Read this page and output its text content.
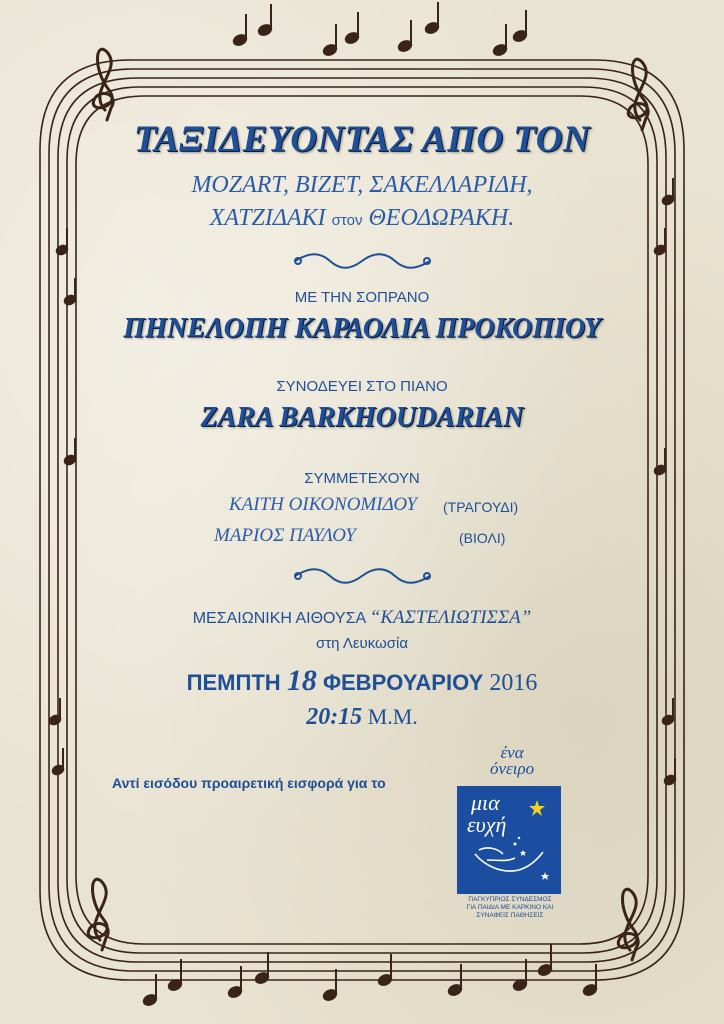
ΤΑΞΙΔΕΥΟΝΤΑΣ ΑΠΟ ΤΟΝ
MOZART, BIZET, ΣΑΚΕΛΛΑΡΙΔΗ,
ΧΑΤΖΙΔΑΚΙ στον ΘΕΟΔΩΡΑΚΗ.
ΜΕ ΤΗΝ ΣΟΠΡΑΝΟ
ΠΗΝΕΛΟΠΗ ΚΑΡΑΟΛΙΑ ΠΡΟΚΟΠΙΟΥ
ΣΥΝΟΔΕΥΕΙ ΣΤΟ ΠΙΑΝΟ
ZARA BARKHOUDARIAN
ΣΥΜΜΕΤΕΧΟΥΝ
ΚΑΙΤΗ ΟΙΚΟΝΟΜΙΔΟΥ (ΤΡΑΓΟΥΔΙ)
ΜΑΡΙΟΣ ΠΑΥΛΟΥ	(ΒΙΟΛΙ)
ΜΕΣΑΙΩΝΙΚΗ ΑΙΘΟΥΣΑ “ΚΑΣΤΕΛΙΩΤΙΣΣΑ”
στη Λευκωσία
ΠΕΜΠΤΗ 18 ΦΕΒΡΟΥΑΡΙΟΥ 2016
20:15 Μ.Μ.
Αντί εισόδου προαιρετική εισφορά για το
ένα
όνειρο
μια
ευχή
ΠΑΓΚΥΠΡΙΟΣ ΣΥΝΔΕΣΜΟΣ
ΓΙΑ ΠΑΙΔΙΑ ΜΕ ΚΑΡΚΙΝΟ ΚΑΙ
ΣΥΝΑΦΕΙΣ ΠΑΘΗΣΕΙΣ
